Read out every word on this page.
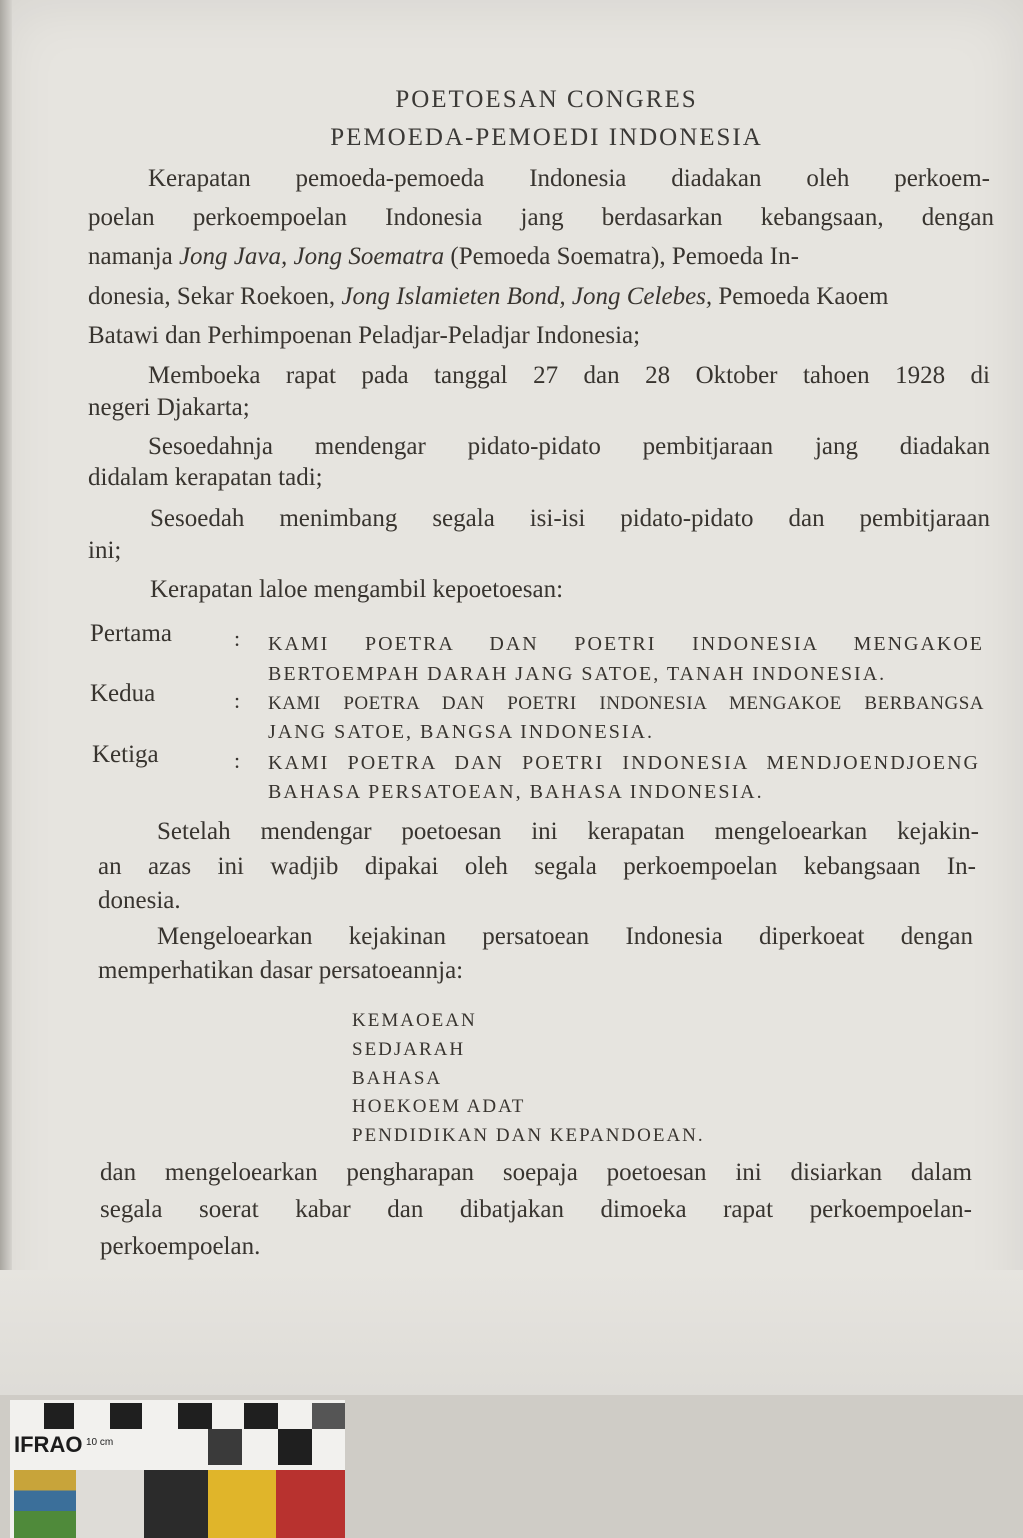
POETOESAN CONGRES
PEMOEDA-PEMOEDI INDONESIA
Kerapatan pemoeda-pemoeda Indonesia diadakan oleh perkoem-
poelan perkoempoelan Indonesia jang berdasarkan kebangsaan, dengan
namanja Jong Java, Jong Soematra (Pemoeda Soematra), Pemoeda In-
donesia, Sekar Roekoen, Jong Islamieten Bond, Jong Celebes, Pemoeda Kaoem
Batawi dan Perhimpoenan Peladjar-Peladjar Indonesia;
Memboeka rapat pada tanggal 27 dan 28 Oktober tahoen 1928 di
negeri Djakarta;
Sesoedahnja mendengar pidato-pidato pembitjaraan jang diadakan
didalam kerapatan tadi;
Sesoedah menimbang segala isi-isi pidato-pidato dan pembitjaraan
ini;
Kerapatan laloe mengambil kepoetoesan:
Pertama	: KAMI POETRA DAN POETRI INDONESIA MENGAKOE
BERTOEMPAH DARAH JANG SATOE, TANAH INDONESIA.
Kedua	: KAMI POETRA DAN POETRI INDONESIA MENGAKOE BERBANGSA
JANG SATOE, BANGSA INDONESIA.
Ketiga	: KAMI POETRA DAN POETRI INDONESIA MENDJOENDJOENG
BAHASA PERSATOEAN, BAHASA INDONESIA.
Setelah mendengar poetoesan ini kerapatan mengeloearkan kejakin-
an azas ini wadjib dipakai oleh segala perkoempoelan kebangsaan In-
donesia.
Mengeloearkan kejakinan persatoean Indonesia diperkoeat dengan
memperhatikan dasar persatoeannja:
KEMAOEAN
SEDJARAH
BAHASA
HOEKOEM ADAT
PENDIDIKAN DAN KEPANDOEAN.
dan mengeloearkan pengharapan soepaja poetoesan ini disiarkan dalam
segala soerat kabar dan dibatjakan dimoeka rapat perkoempoelan-
perkoempoelan.
IFRAO 10 cm
